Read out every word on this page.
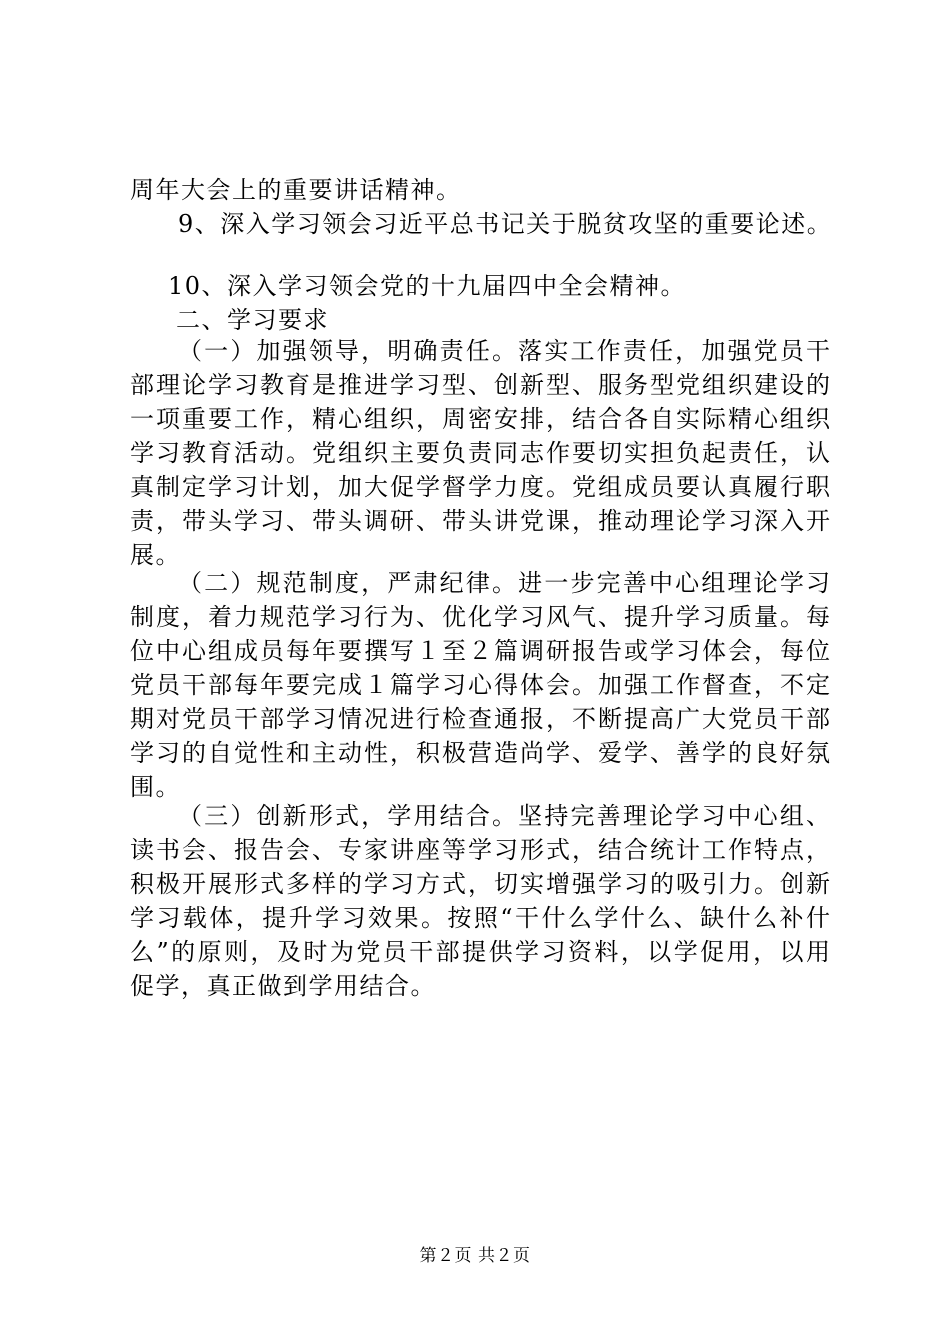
周年大会上的重要讲话精神。
9、深入学习领会习近平总书记关于脱贫攻坚的重要论述。
10、深入学习领会党的十九届四中全会精神。
二、学习要求
（一）加强领导，明确责任。落实工作责任，加强党员干
部理论学习教育是推进学习型、创新型、服务型党组织建设的
一项重要工作，精心组织，周密安排，结合各自实际精心组织
学习教育活动。党组织主要负责同志作要切实担负起责任，认
真制定学习计划，加大促学督学力度。党组成员要认真履行职
责，带头学习、带头调研、带头讲党课，推动理论学习深入开
展。
（二）规范制度，严肃纪律。进一步完善中心组理论学习
制度，着力规范学习行为、优化学习风气、提升学习质量。每
位中心组成员每年要撰写１至２篇调研报告或学习体会，每位
党员干部每年要完成１篇学习心得体会。加强工作督查，不定
期对党员干部学习情况进行检查通报，不断提高广大党员干部
学习的自觉性和主动性，积极营造尚学、爱学、善学的良好氛
围。
（三）创新形式，学用结合。坚持完善理论学习中心组、
读书会、报告会、专家讲座等学习形式，结合统计工作特点，
积极开展形式多样的学习方式，切实增强学习的吸引力。创新
学习载体，提升学习效果。按照“干什么学什么、缺什么补什
么”的原则，及时为党员干部提供学习资料，以学促用，以用
促学，真正做到学用结合。
第２页 共２页
